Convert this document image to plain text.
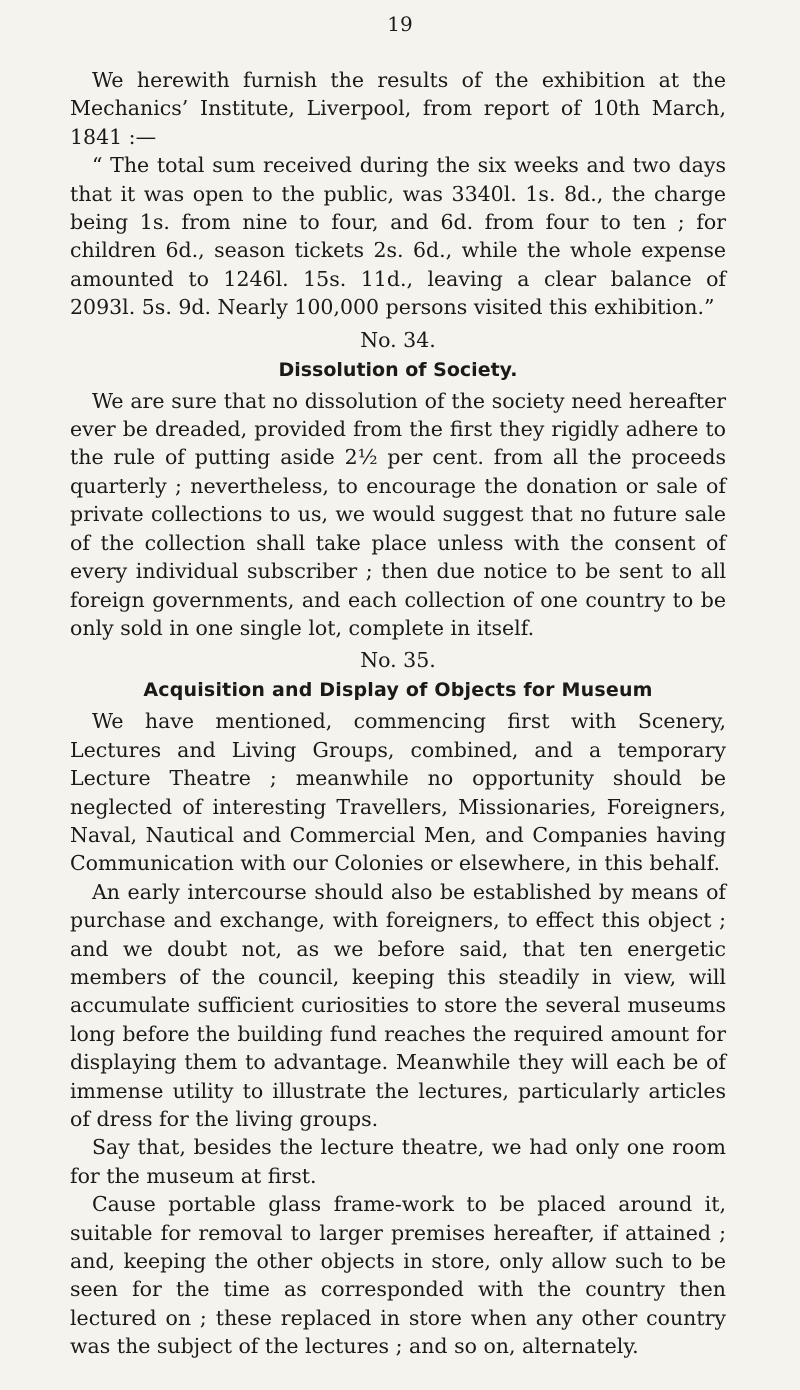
19

We herewith furnish the results of the exhibition at the Mechanics’ Institute, Liverpool, from report of 10th March, 1841 :—

“ The total sum received during the six weeks and two days that it was open to the public, was 3340l. 1s. 8d., the charge being 1s. from nine to four, and 6d. from four to ten ; for children 6d., season tickets 2s. 6d., while the whole expense amounted to 1246l. 15s. 11d., leaving a clear balance of 2093l. 5s. 9d. Nearly 100,000 persons visited this exhibition.”

No. 34.
Dissolution of Society.

We are sure that no dissolution of the society need hereafter ever be dreaded, provided from the first they rigidly adhere to the rule of putting aside 2½ per cent. from all the proceeds quarterly ; nevertheless, to encourage the donation or sale of private collections to us, we would suggest that no future sale of the collection shall take place unless with the consent of every individual subscriber ; then due notice to be sent to all foreign governments, and each collection of one country to be only sold in one single lot, complete in itself.

No. 35.
Acquisition and Display of Objects for Museum

We have mentioned, commencing first with Scenery, Lectures and Living Groups, combined, and a temporary Lecture Theatre ; meanwhile no opportunity should be neglected of interesting Travellers, Missionaries, Foreigners, Naval, Nautical and Commercial Men, and Companies having Communication with our Colonies or elsewhere, in this behalf.

An early intercourse should also be established by means of purchase and exchange, with foreigners, to effect this object ; and we doubt not, as we before said, that ten energetic members of the council, keeping this steadily in view, will accumulate sufficient curiosities to store the several museums long before the building fund reaches the required amount for displaying them to advantage. Meanwhile they will each be of immense utility to illustrate the lectures, particularly articles of dress for the living groups.

Say that, besides the lecture theatre, we had only one room for the museum at first.

Cause portable glass frame-work to be placed around it, suitable for removal to larger premises hereafter, if attained ; and, keeping the other objects in store, only allow such to be seen for the time as corresponded with the country then lectured on ; these replaced in store when any other country was the subject of the lectures ; and so on, alternately.
